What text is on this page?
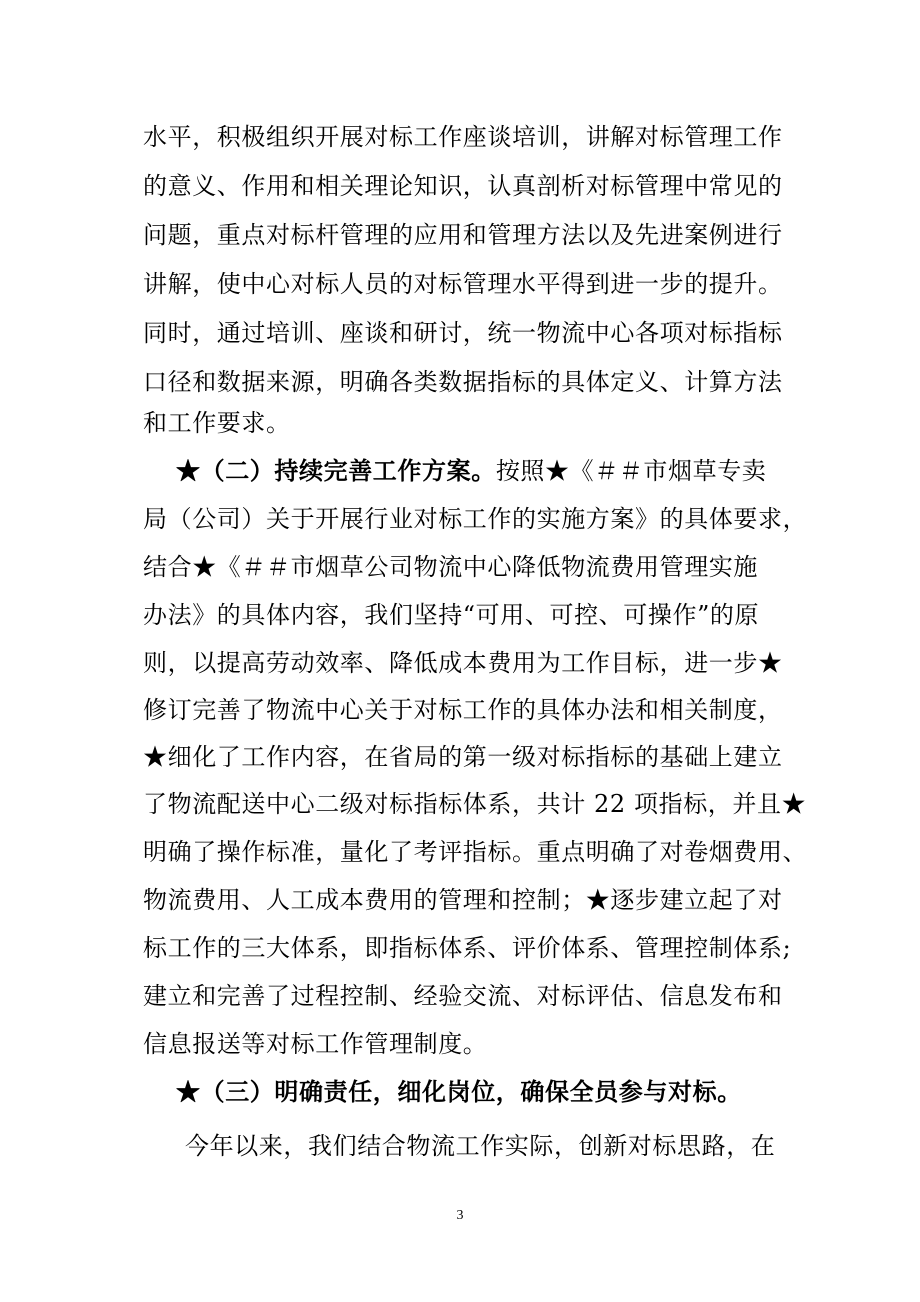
水平，积极组织开展对标工作座谈培训，讲解对标管理工作
的意义、作用和相关理论知识，认真剖析对标管理中常见的
问题，重点对标杆管理的应用和管理方法以及先进案例进行
讲解，使中心对标人员的对标管理水平得到进一步的提升。
同时，通过培训、座谈和研讨，统一物流中心各项对标指标
口径和数据来源，明确各类数据指标的具体定义、计算方法
和工作要求。
★（二）持续完善工作方案。按照★《＃＃市烟草专卖
局（公司）关于开展行业对标工作的实施方案》的具体要求，
结合★《＃＃市烟草公司物流中心降低物流费用管理实施
办法》的具体内容，我们坚持“可用、可控、可操作”的原
则，以提高劳动效率、降低成本费用为工作目标，进一步★
修订完善了物流中心关于对标工作的具体办法和相关制度，
★细化了工作内容，在省局的第一级对标指标的基础上建立
了物流配送中心二级对标指标体系，共计 22 项指标，并且★
明确了操作标准，量化了考评指标。重点明确了对卷烟费用、
物流费用、人工成本费用的管理和控制；★逐步建立起了对
标工作的三大体系，即指标体系、评价体系、管理控制体系;
建立和完善了过程控制、经验交流、对标评估、信息发布和
信息报送等对标工作管理制度。
★（三）明确责任，细化岗位，确保全员参与对标。
今年以来，我们结合物流工作实际，创新对标思路，在
3
